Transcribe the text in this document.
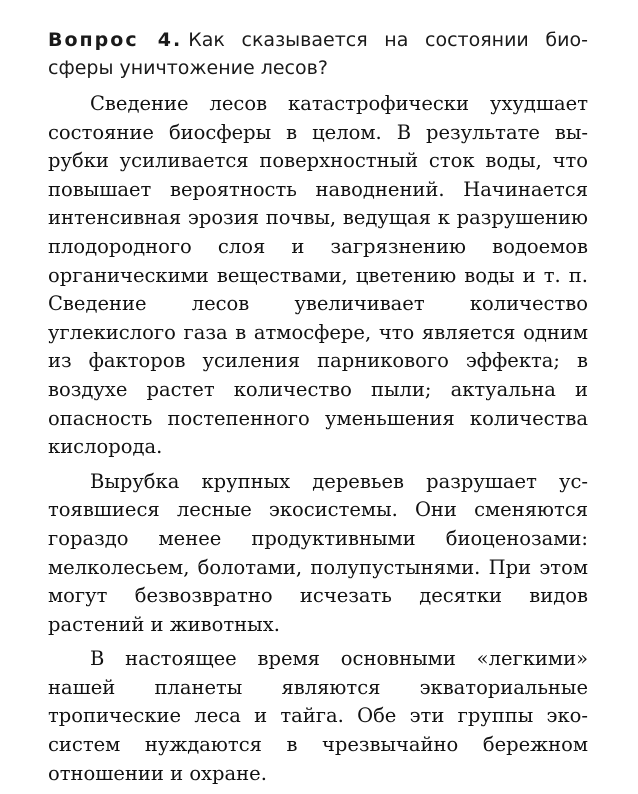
Вопрос 4. Как сказывается на состоянии биосферы уничтожение лесов?

Сведение лесов катастрофически ухудшает состояние биосферы в целом. В результате вырубки усиливается поверхностный сток воды, что повышает вероятность наводнений. Начинается интенсивная эрозия почвы, ведущая к разрушению плодородного слоя и загрязнению водоемов органическими веществами, цветению воды и т. п. Сведение лесов увеличивает количество углекислого газа в атмосфере, что является одним из факторов усиления парникового эффекта; в воздухе растет количество пыли; актуальна и опасность постепенного уменьшения количества кислорода.

Вырубка крупных деревьев разрушает устоявшиеся лесные экосистемы. Они сменяются гораздо менее продуктивными биоценозами: мелколесьем, болотами, полупустынями. При этом могут безвозвратно исчезать десятки видов растений и животных.

В настоящее время основными «легкими» нашей планеты являются экваториальные тропические леса и тайга. Обе эти группы экосистем нуждаются в чрезвычайно бережном отношении и охране.
